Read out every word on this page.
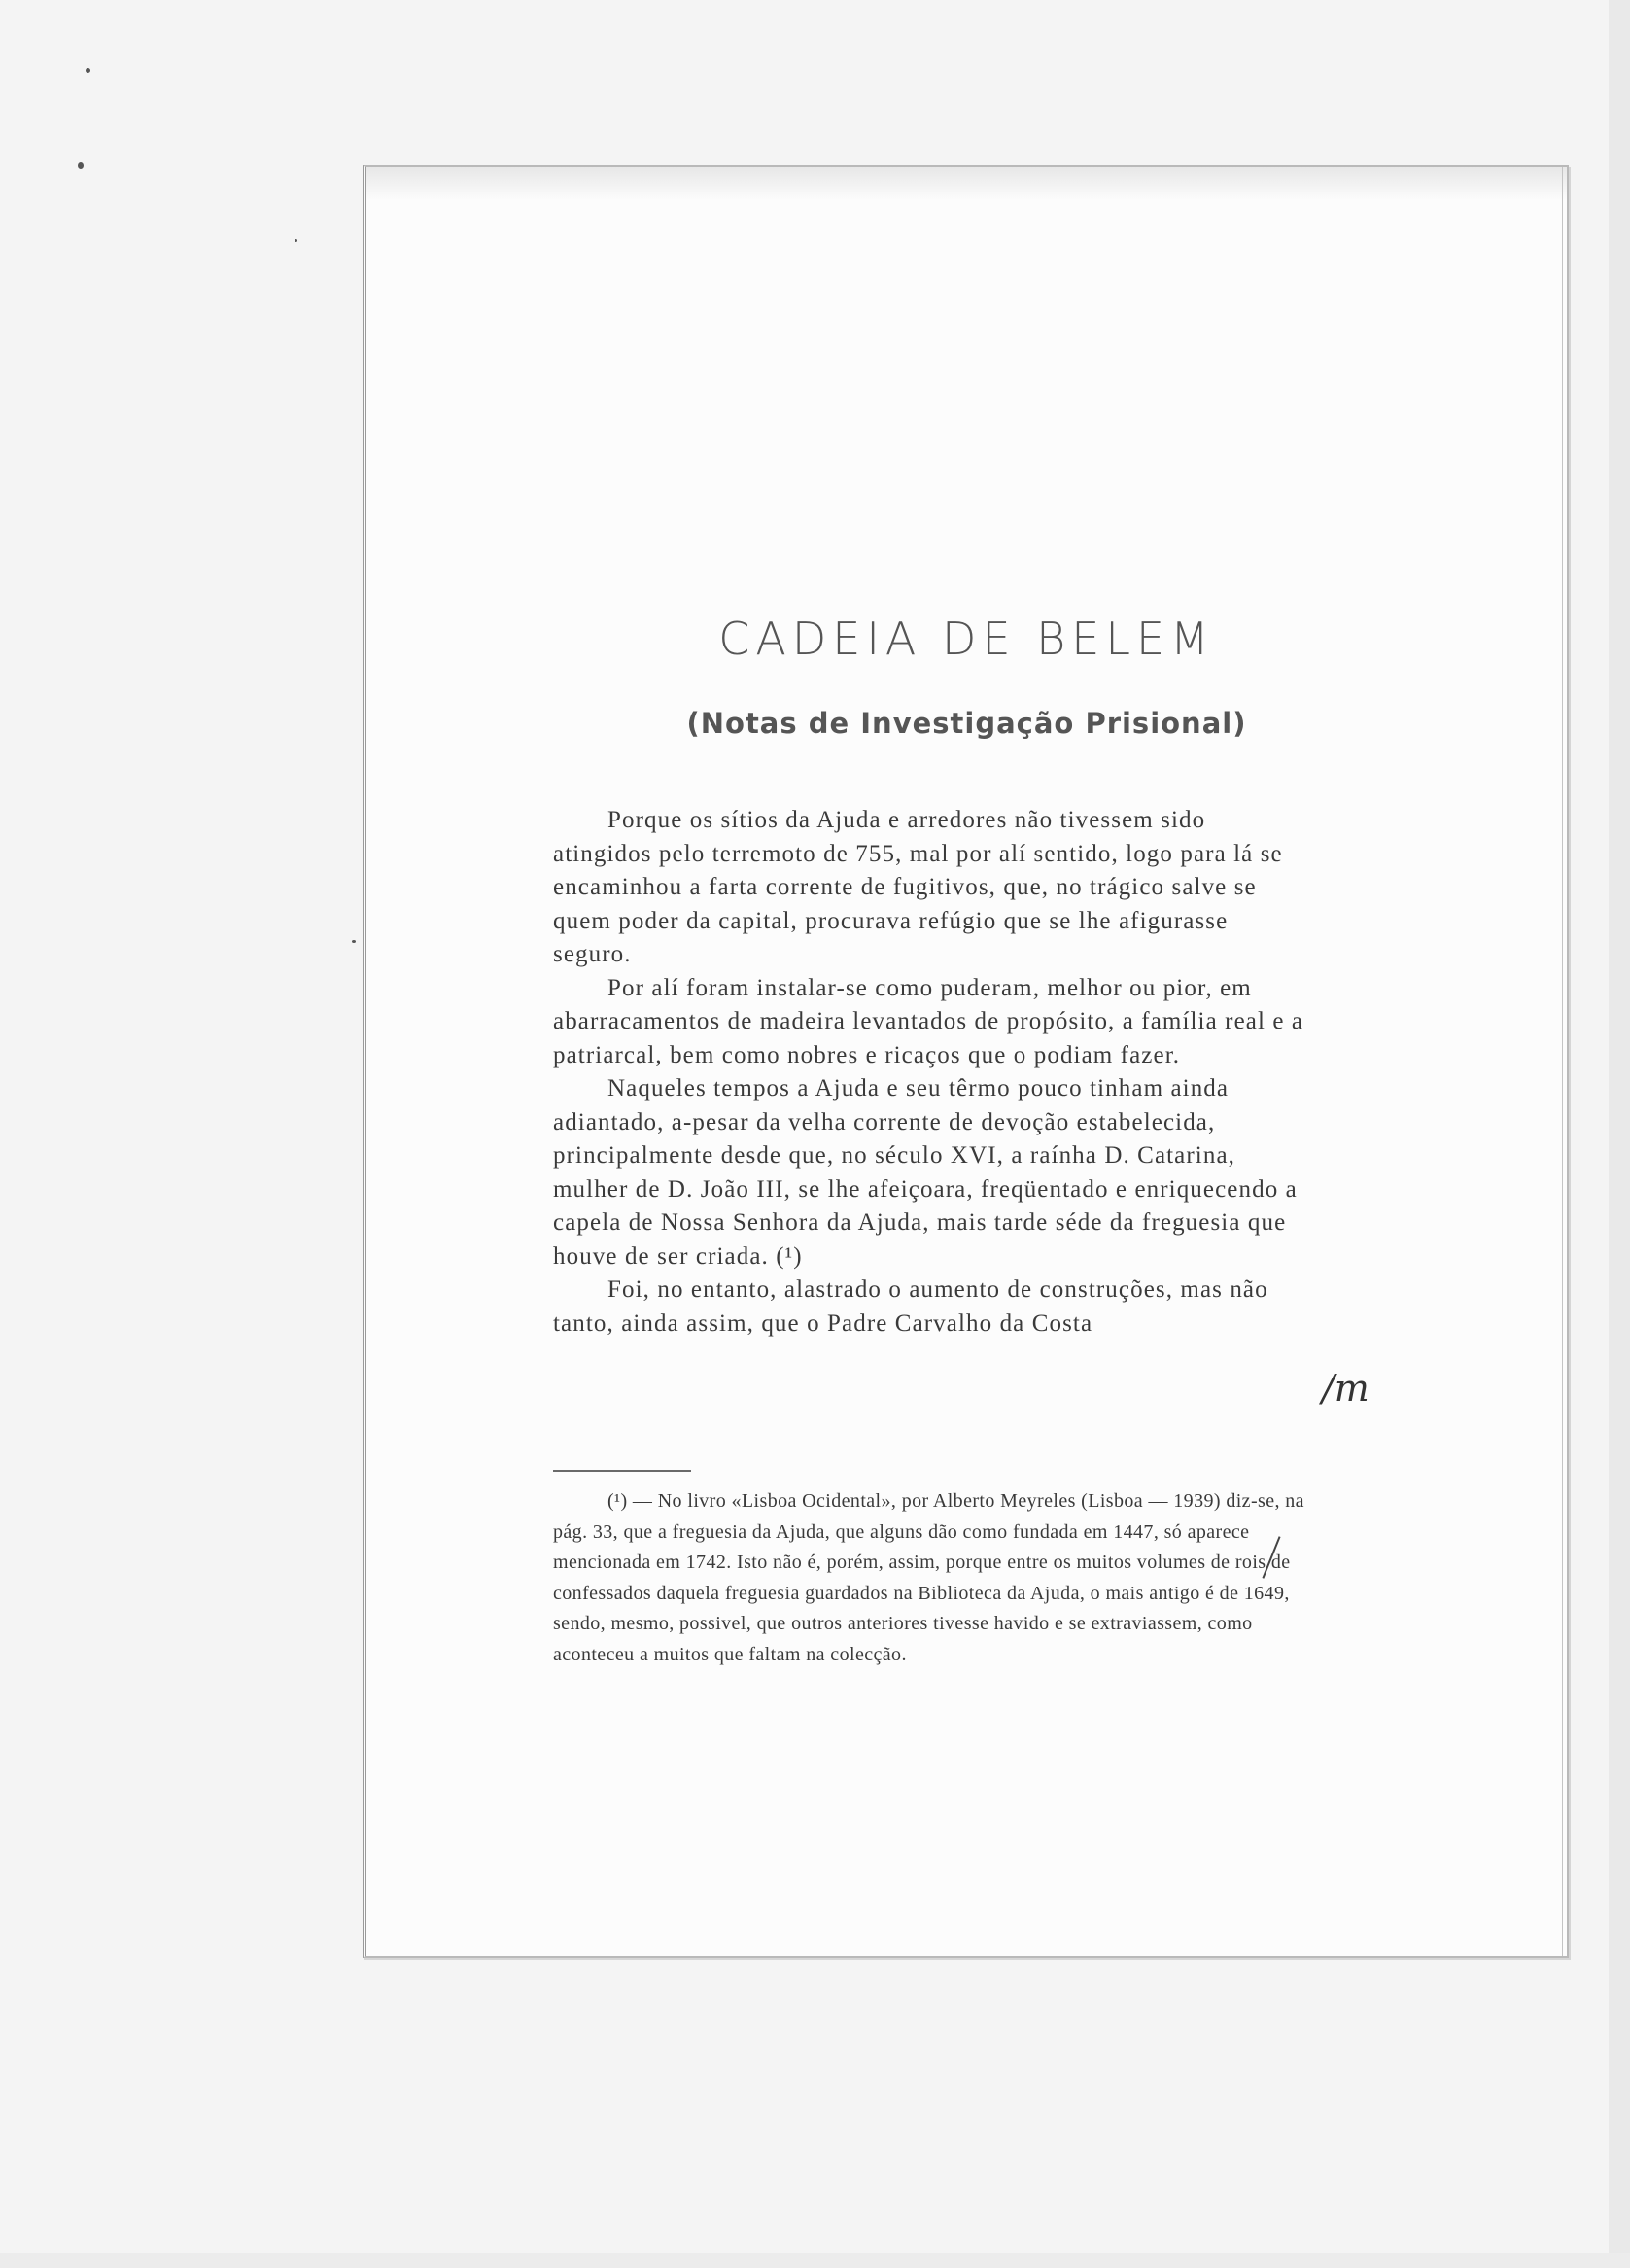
CADEIA DE BELEM
(Notas de Investigação Prisional)

Porque os sítios da Ajuda e arredores não tivessem sido atingidos pelo terremoto de 755, mal por alí sentido, logo para lá se encaminhou a farta corrente de fugitivos, que, no trágico salve se quem poder da capital, procurava refúgio que se lhe afigurasse seguro.

Por alí foram instalar-se como puderam, melhor ou pior, em abarracamentos de madeira levantados de propósito, a família real e a patriarcal, bem como nobres e ricaços que o podiam fazer.

Naqueles tempos a Ajuda e seu têrmo pouco tinham ainda adiantado, a-pesar da velha corrente de devoção estabelecida, principalmente desde que, no século XVI, a raínha D. Catarina, mulher de D. João III, se lhe afeiçoara, freqüentado e enriquecendo a capela de Nossa Senhora da Ajuda, mais tarde séde da freguesia que houve de ser criada. (¹)

Foi, no entanto, alastrado o aumento de construções, mas não tanto, ainda assim, que o Padre Carvalho da Costa

(¹) — No livro «Lisboa Ocidental», por Alberto Meyreles (Lisboa — 1939) diz-se, na pág. 33, que a freguesia da Ajuda, que alguns dão como fundada em 1447, só aparece mencionada em 1742. Isto não é, porém, assim, porque entre os muitos volumes de rois de confessados daquela freguesia guardados na Biblioteca da Ajuda, o mais antigo é de 1649, sendo, mesmo, possivel, que outros anteriores tivesse havido e se extraviassem, como aconteceu a muitos que faltam na colecção.

/m
